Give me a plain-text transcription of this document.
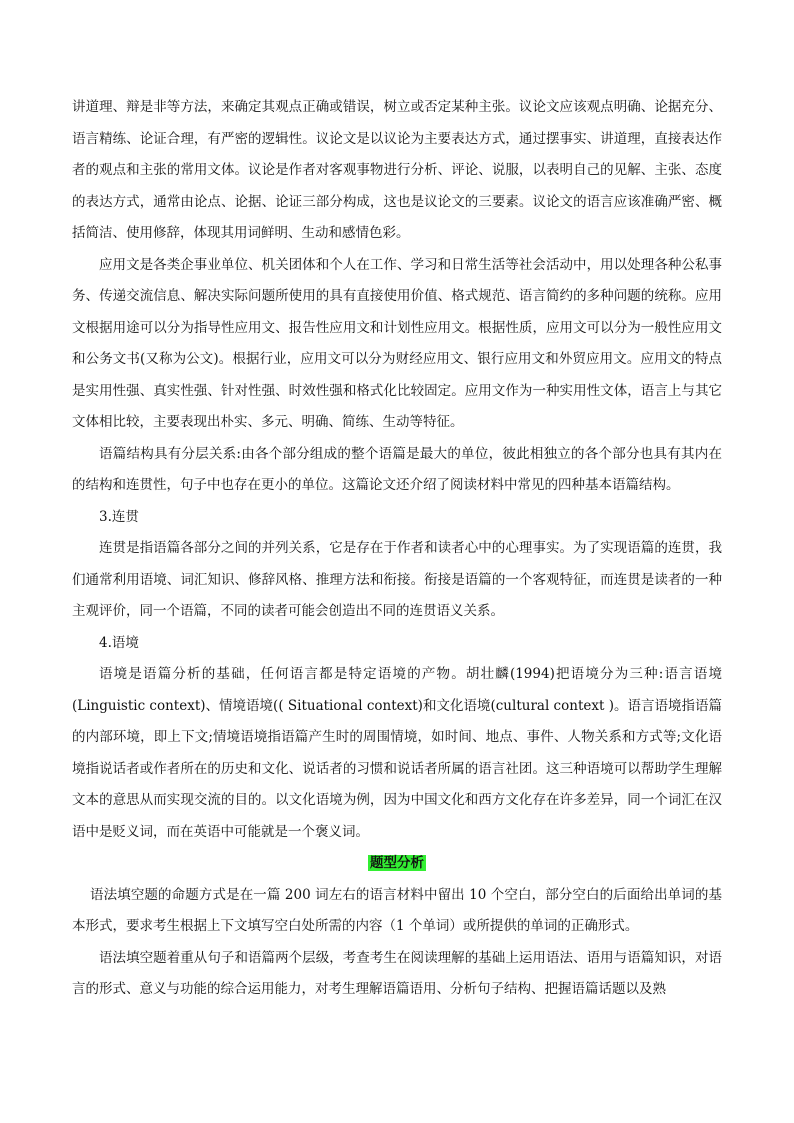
讲道理、辩是非等方法，来确定其观点正确或错误，树立或否定某种主张。议论文应该观点明确、论据充分、语言精练、论证合理，有严密的逻辑性。议论文是以议论为主要表达方式，通过摆事实、讲道理，直接表达作者的观点和主张的常用文体。议论是作者对客观事物进行分析、评论、说服，以表明自己的见解、主张、态度的表达方式，通常由论点、论据、论证三部分构成，这也是议论文的三要素。议论文的语言应该准确严密、概括简洁、使用修辞，体现其用词鲜明、生动和感情色彩。

应用文是各类企事业单位、机关团体和个人在工作、学习和日常生活等社会活动中，用以处理各种公私事务、传递交流信息、解决实际问题所使用的具有直接使用价值、格式规范、语言简约的多种问题的统称。应用文根据用途可以分为指导性应用文、报告性应用文和计划性应用文。根据性质，应用文可以分为一般性应用文和公务文书(又称为公文)。根据行业，应用文可以分为财经应用文、银行应用文和外贸应用文。应用文的特点是实用性强、真实性强、针对性强、时效性强和格式化比较固定。应用文作为一种实用性文体，语言上与其它文体相比较，主要表现出朴实、多元、明确、简练、生动等特征。

语篇结构具有分层关系:由各个部分组成的整个语篇是最大的单位，彼此相独立的各个部分也具有其内在的结构和连贯性，句子中也存在更小的单位。这篇论文还介绍了阅读材料中常见的四种基本语篇结构。

3.连贯

连贯是指语篇各部分之间的并列关系，它是存在于作者和读者心中的心理事实。为了实现语篇的连贯，我们通常利用语境、词汇知识、修辞风格、推理方法和衔接。衔接是语篇的一个客观特征，而连贯是读者的一种主观评价，同一个语篇，不同的读者可能会创造出不同的连贯语义关系。

4.语境

语境是语篇分析的基础，任何语言都是特定语境的产物。胡壮麟(1994)把语境分为三种:语言语境(Linguistic context)、情境语境(( Situational context)和文化语境(cultural context )。语言语境指语篇的内部环境，即上下文;情境语境指语篇产生时的周围情境，如时间、地点、事件、人物关系和方式等;文化语境指说话者或作者所在的历史和文化、说话者的习惯和说话者所属的语言社团。这三种语境可以帮助学生理解文本的意思从而实现交流的目的。以文化语境为例，因为中国文化和西方文化存在许多差异，同一个词汇在汉语中是贬义词，而在英语中可能就是一个褒义词。

题型分析

语法填空题的命题方式是在一篇 200 词左右的语言材料中留出 10 个空白，部分空白的后面给出单词的基本形式，要求考生根据上下文填写空白处所需的内容（1 个单词）或所提供的单词的正确形式。

语法填空题着重从句子和语篇两个层级，考查考生在阅读理解的基础上运用语法、语用与语篇知识，对语言的形式、意义与功能的综合运用能力，对考生理解语篇语用、分析句子结构、把握语篇话题以及熟
